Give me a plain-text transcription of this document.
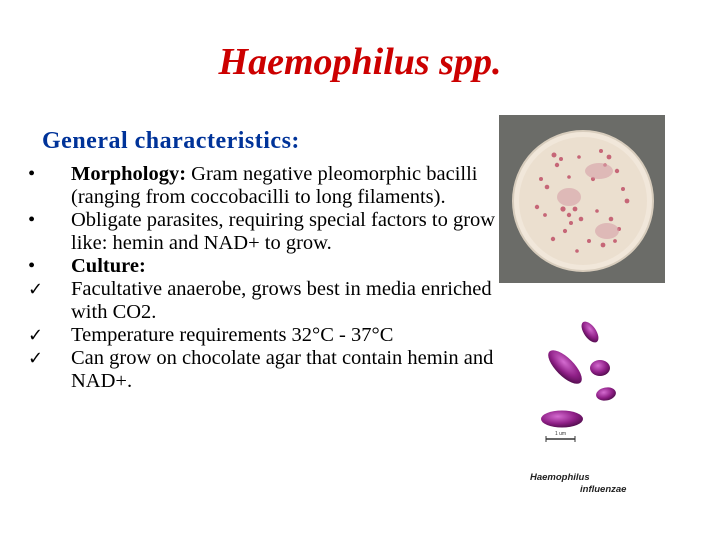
Haemophilus spp.
General characteristics:
•	Morphology: Gram negative pleomorphic bacilli (ranging from coccobacilli to long filaments).
•	Obligate parasites, requiring special factors to grow like: hemin and NAD+ to grow.
•	Culture:
✓	Facultative anaerobe, grows best in media enriched with CO2.
✓	Temperature requirements 32°C - 37°C
✓	Can grow on chocolate agar that contain hemin and NAD+.
1 um
Haemophilus
influenzae
